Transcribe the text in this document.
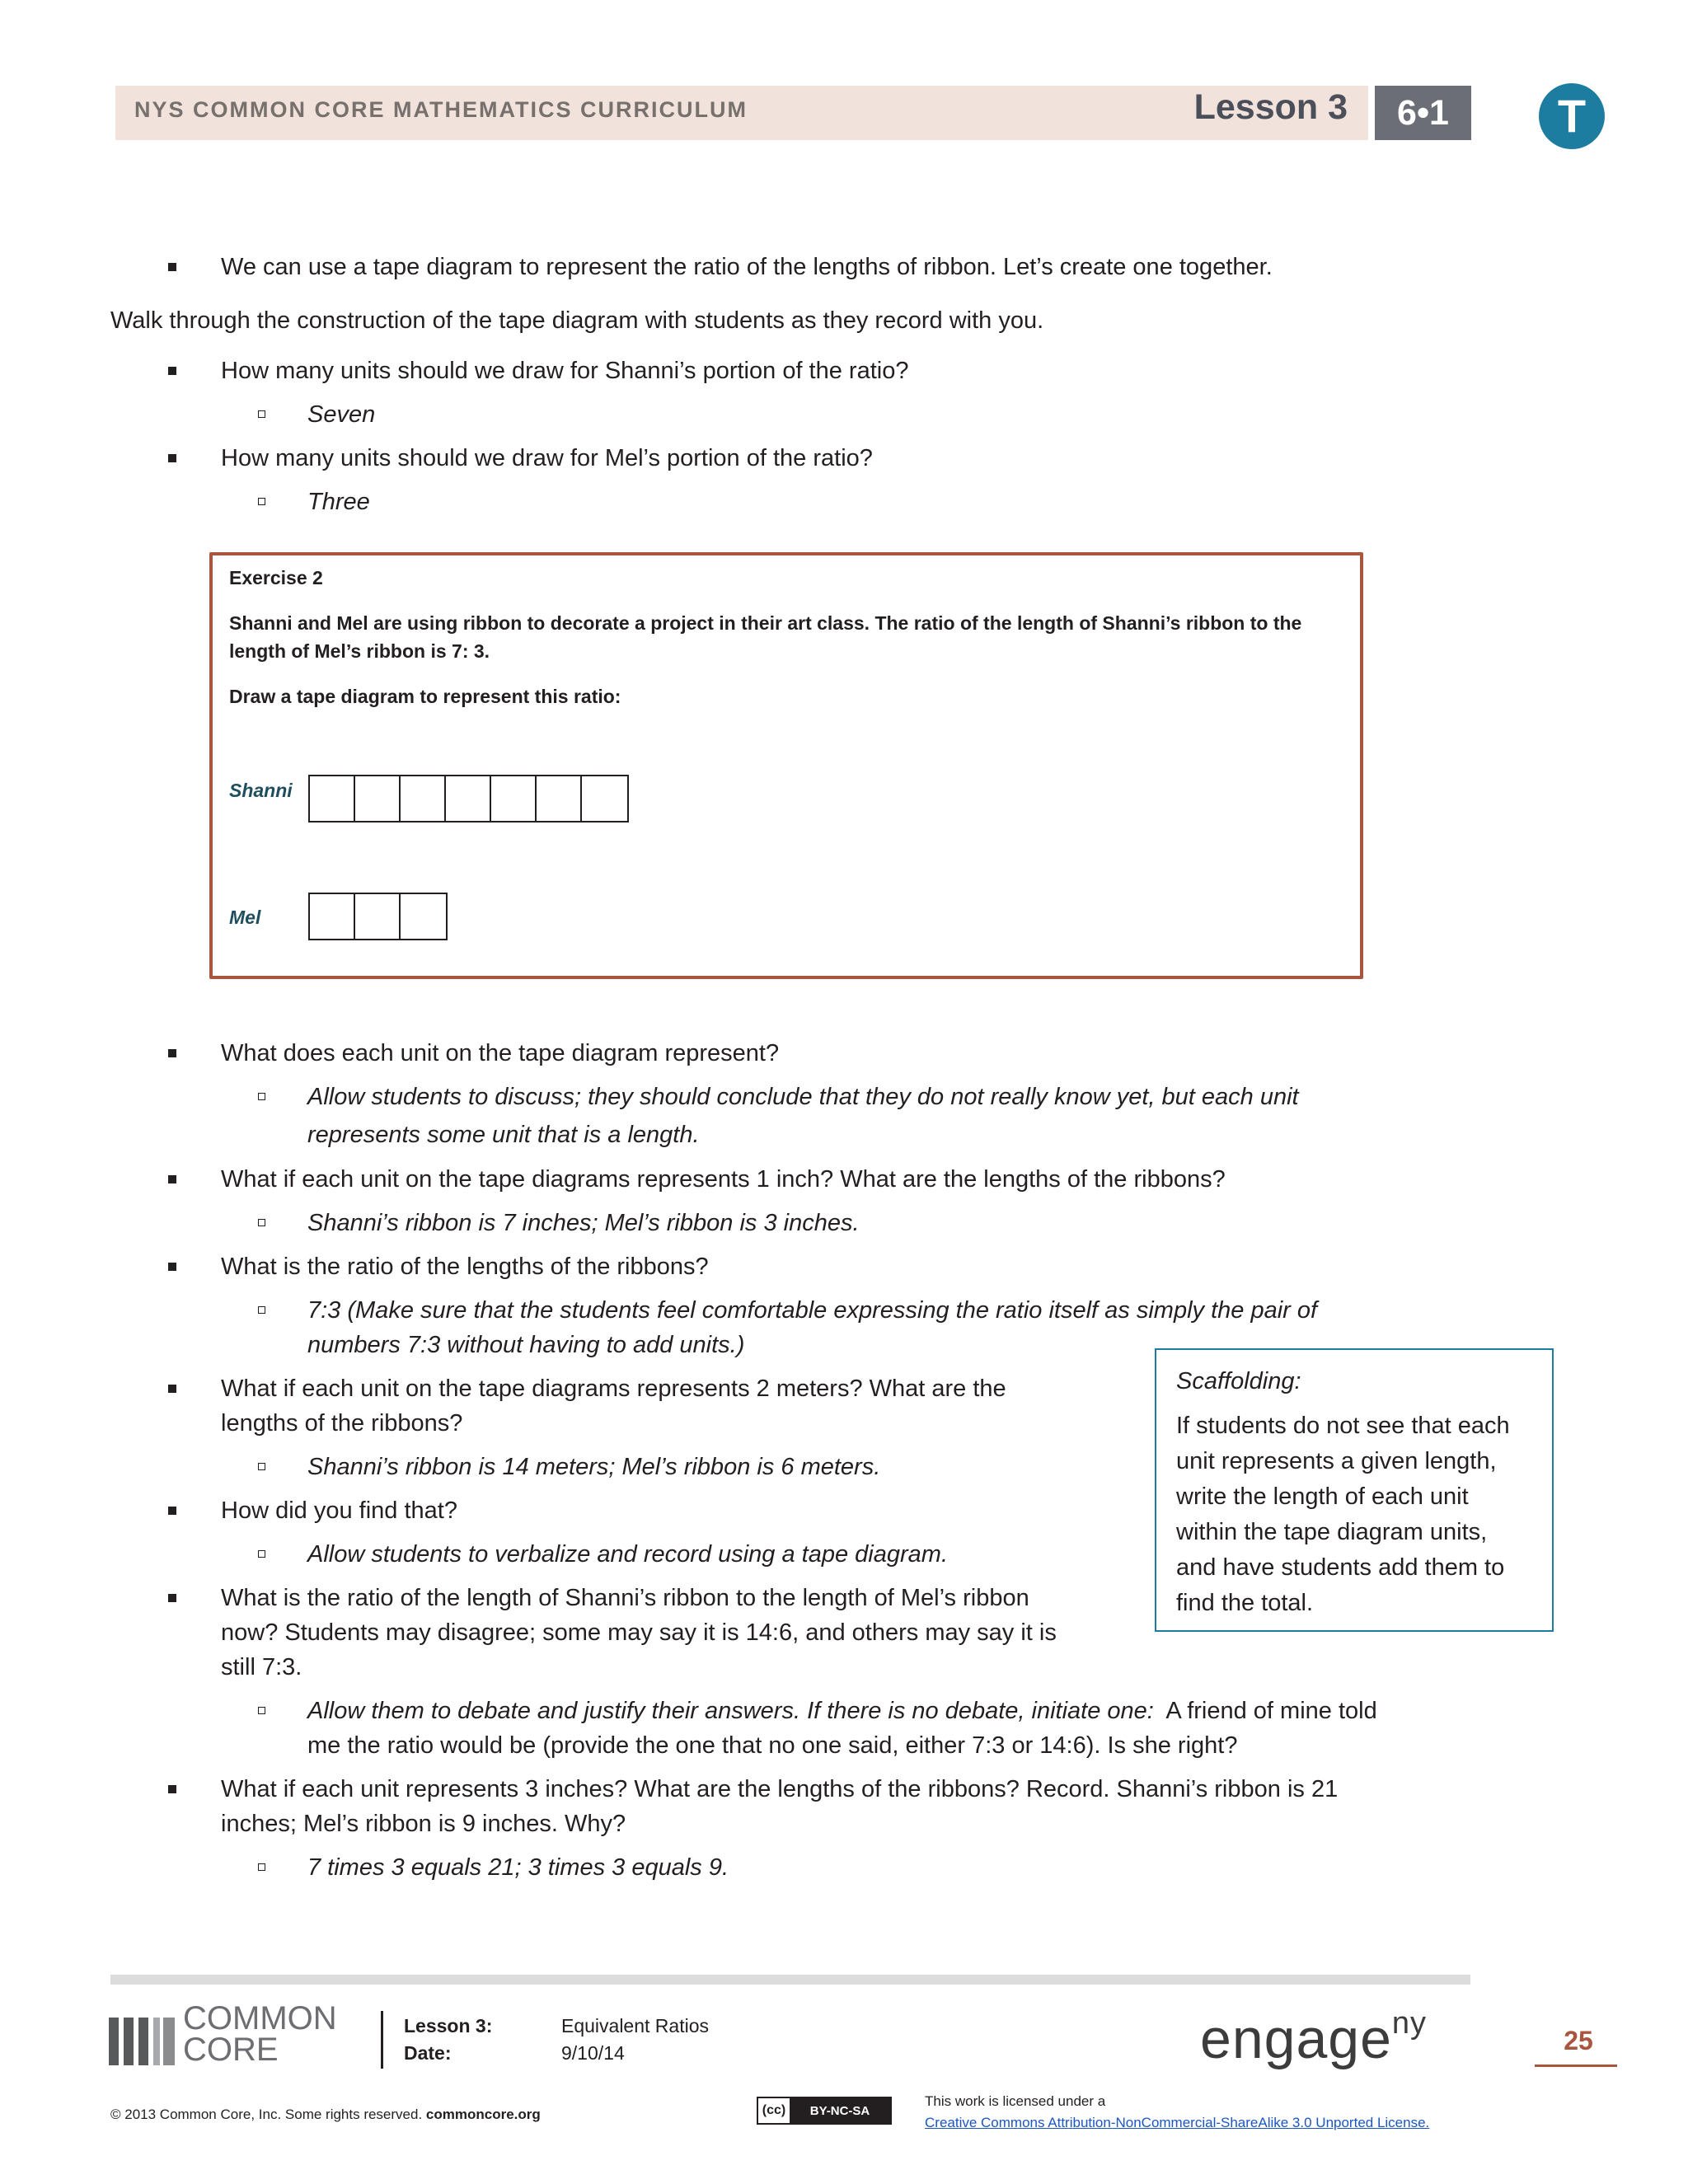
NYS COMMON CORE MATHEMATICS CURRICULUM	Lesson 3	6•1	T
We can use a tape diagram to represent the ratio of the lengths of ribbon. Let’s create one together.
Walk through the construction of the tape diagram with students as they record with you.
How many units should we draw for Shanni’s portion of the ratio?
Seven
How many units should we draw for Mel’s portion of the ratio?
Three
Exercise 2
Shanni and Mel are using ribbon to decorate a project in their art class. The ratio of the length of Shanni’s ribbon to the
length of Mel’s ribbon is 7: 3.
Draw a tape diagram to represent this ratio:
Shanni
Mel
What does each unit on the tape diagram represent?
Allow students to discuss; they should conclude that they do not really know yet, but each unit
represents some unit that is a length.
What if each unit on the tape diagrams represents 1 inch? What are the lengths of the ribbons?
Shanni’s ribbon is 7 inches; Mel’s ribbon is 3 inches.
What is the ratio of the lengths of the ribbons?
7:3 (Make sure that the students feel comfortable expressing the ratio itself as simply the pair of
numbers 7:3 without having to add units.)
What if each unit on the tape diagrams represents 2 meters? What are the
lengths of the ribbons?
Shanni’s ribbon is 14 meters; Mel’s ribbon is 6 meters.
How did you find that?
Allow students to verbalize and record using a tape diagram.
What is the ratio of the length of Shanni’s ribbon to the length of Mel’s ribbon
now? Students may disagree; some may say it is 14:6, and others may say it is
still 7:3.
Allow them to debate and justify their answers. If there is no debate, initiate one: A friend of mine told
me the ratio would be (provide the one that no one said, either 7:3 or 14:6). Is she right?
What if each unit represents 3 inches? What are the lengths of the ribbons? Record. Shanni’s ribbon is 21
inches; Mel’s ribbon is 9 inches. Why?
7 times 3 equals 21; 3 times 3 equals 9.
Scaffolding:
If students do not see that each
unit represents a given length,
write the length of each unit
within the tape diagram units,
and have students add them to
find the total.
COMMON
CORE
Lesson 3:	Equivalent Ratios
Date:	9/10/14	engage$^{ny}$	25
© 2013 Common Core, Inc. Some rights reserved. commoncore.org	(cc)	BY-NC-SA
This work is licensed under a
Creative Commons Attribution-NonCommercial-ShareAlike 3.0 Unported License.
